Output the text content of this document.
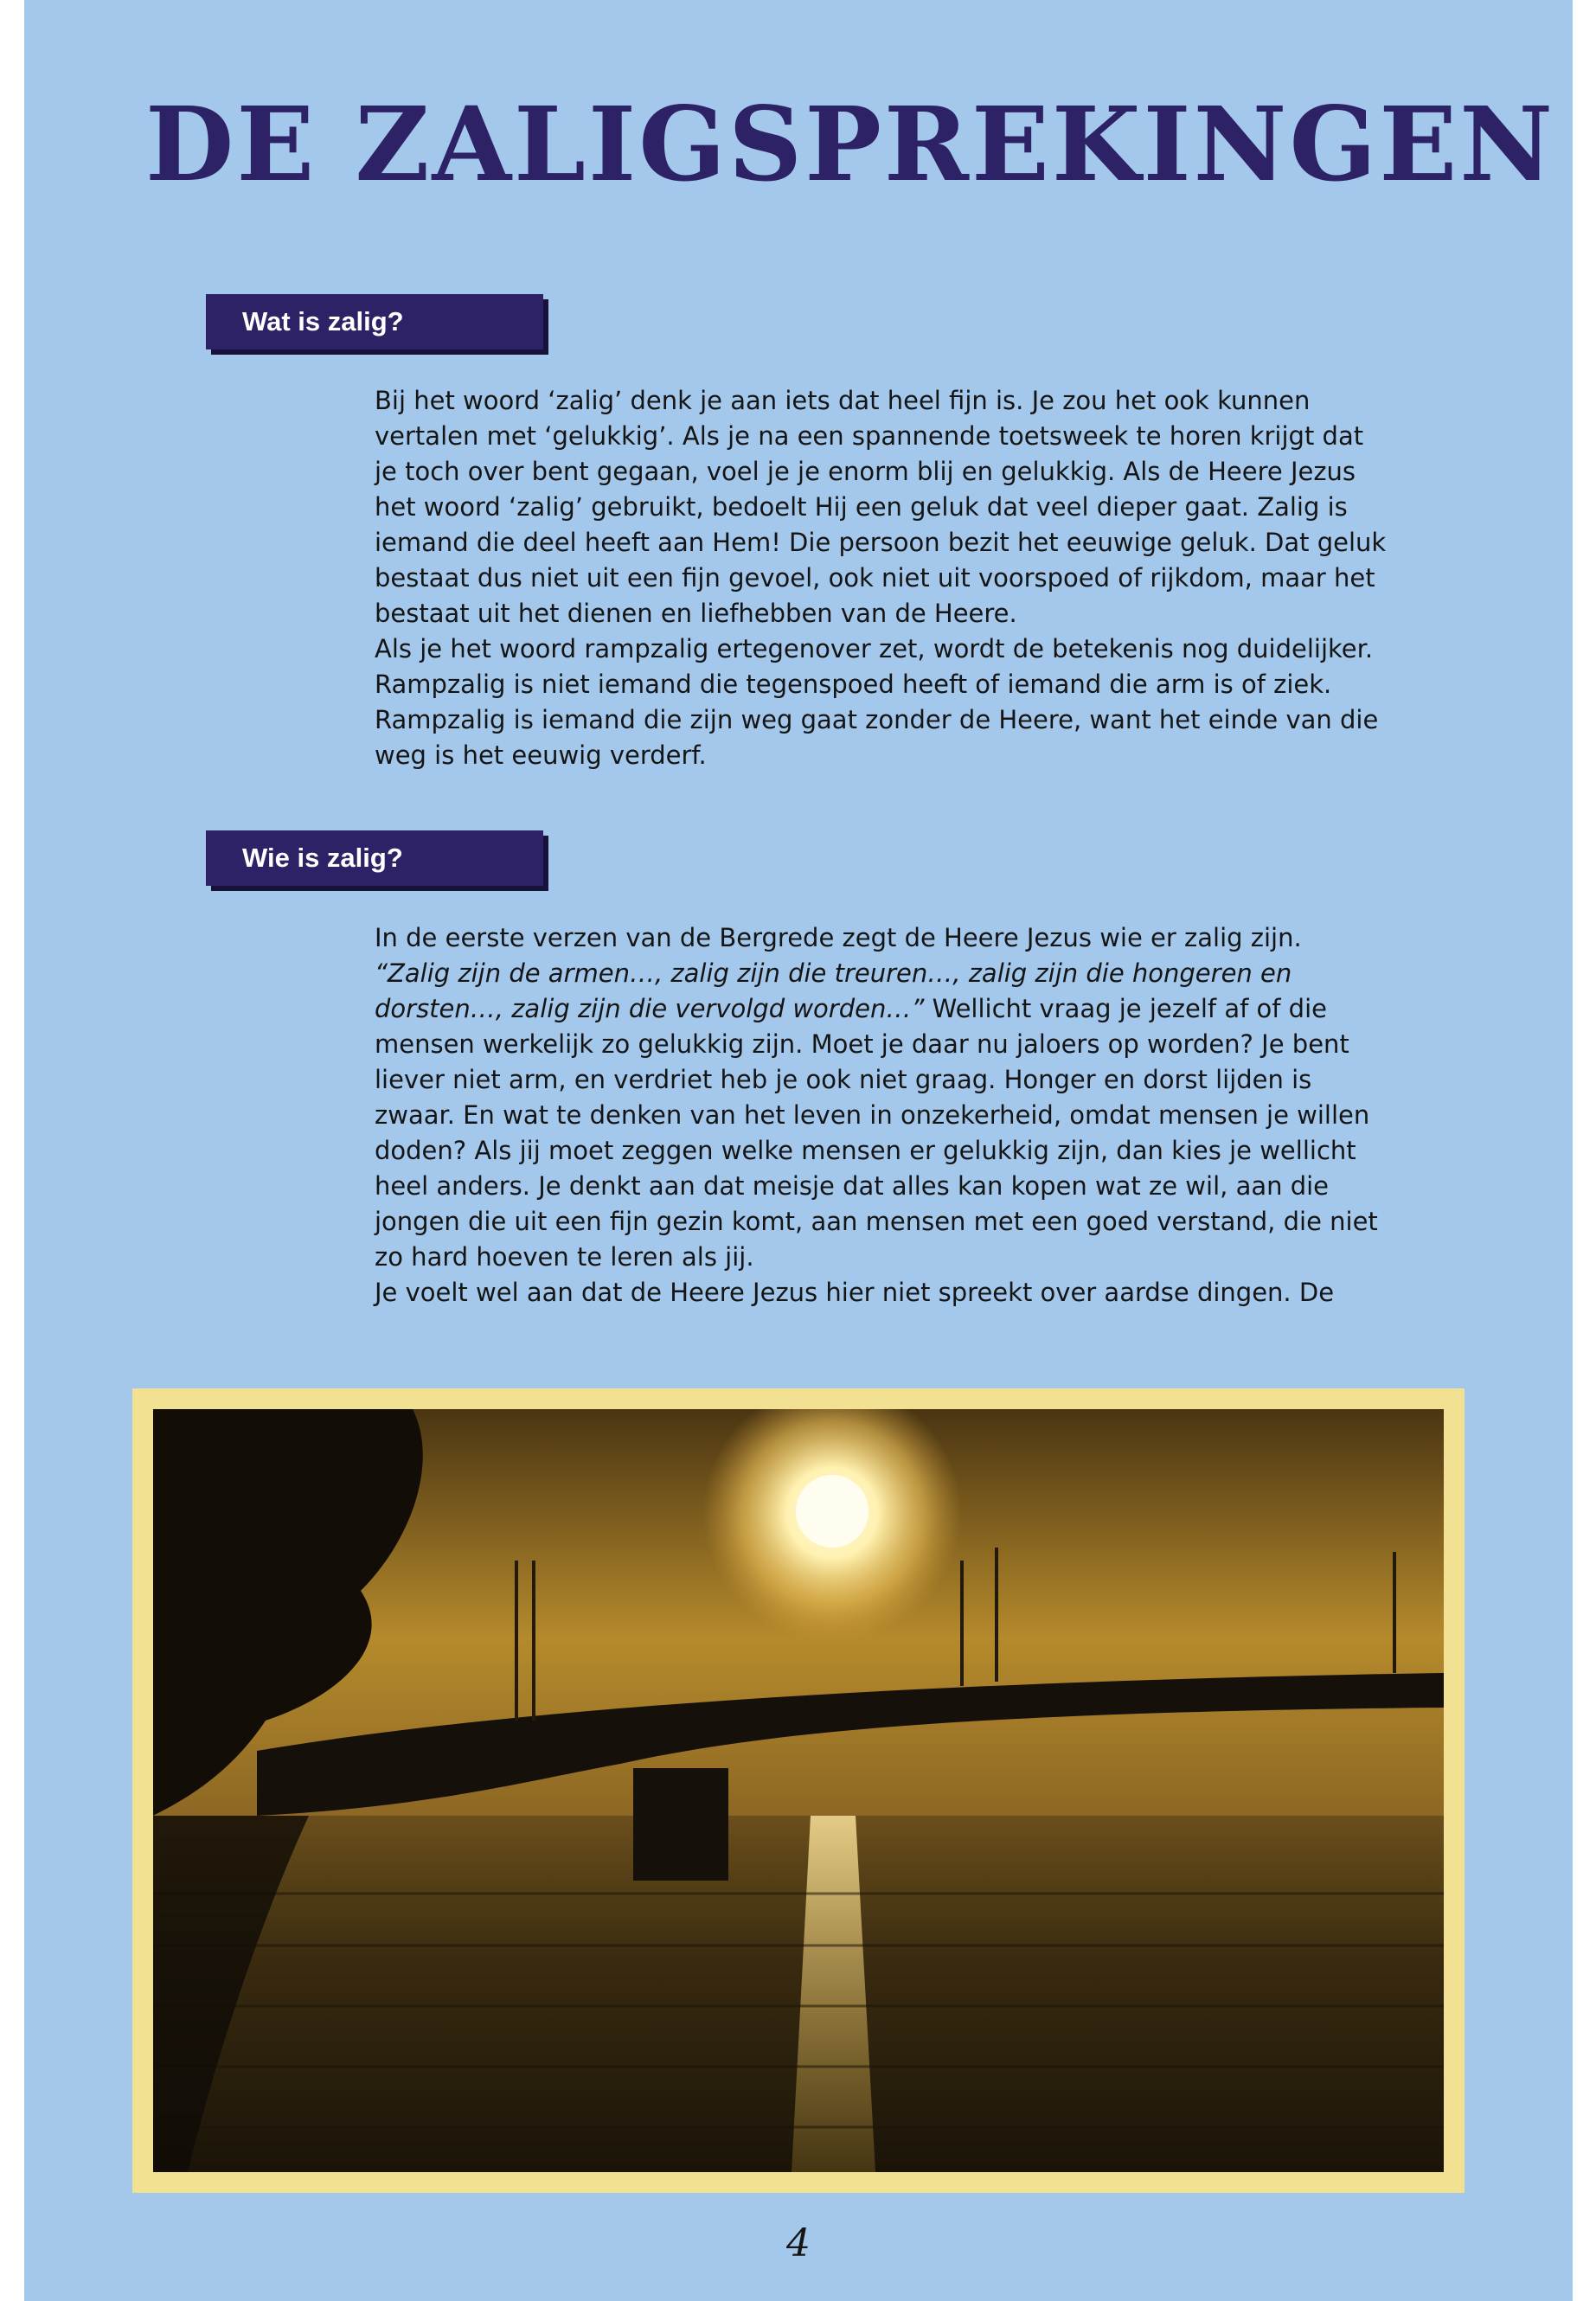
DE ZALIGSPREKINGEN
Wat is zalig?

Bij het woord ‘zalig’ denk je aan iets dat heel fijn is. Je zou het ook kunnen vertalen met ‘gelukkig’. Als je na een spannende toetsweek te horen krijgt dat je toch over bent gegaan, voel je je enorm blij en gelukkig. Als de Heere Jezus het woord ‘zalig’ gebruikt, bedoelt Hij een geluk dat veel dieper gaat. Zalig is iemand die deel heeft aan Hem! Die persoon bezit het eeuwige geluk. Dat geluk bestaat dus niet uit een fijn gevoel, ook niet uit voorspoed of rijkdom, maar het bestaat uit het dienen en liefhebben van de Heere.

Als je het woord rampzalig ertegenover zet, wordt de betekenis nog duidelijker. Rampzalig is niet iemand die tegenspoed heeft of iemand die arm is of ziek. Rampzalig is iemand die zijn weg gaat zonder de Heere, want het einde van die weg is het eeuwig verderf.

Wie is zalig?

In de eerste verzen van de Bergrede zegt de Heere Jezus wie er zalig zijn.
“Zalig zijn de armen…, zalig zijn die treuren…, zalig zijn die hongeren en dorsten…, zalig zijn die vervolgd worden…” Wellicht vraag je jezelf af of die mensen werkelijk zo gelukkig zijn. Moet je daar nu jaloers op worden? Je bent liever niet arm, en verdriet heb je ook niet graag. Honger en dorst lijden is zwaar. En wat te denken van het leven in onzekerheid, omdat mensen je willen doden? Als jij moet zeggen welke mensen er gelukkig zijn, dan kies je wellicht heel anders. Je denkt aan dat meisje dat alles kan kopen wat ze wil, aan die jongen die uit een fijn gezin komt, aan mensen met een goed verstand, die niet zo hard hoeven te leren als jij.

Je voelt wel aan dat de Heere Jezus hier niet spreekt over aardse dingen. De

4
